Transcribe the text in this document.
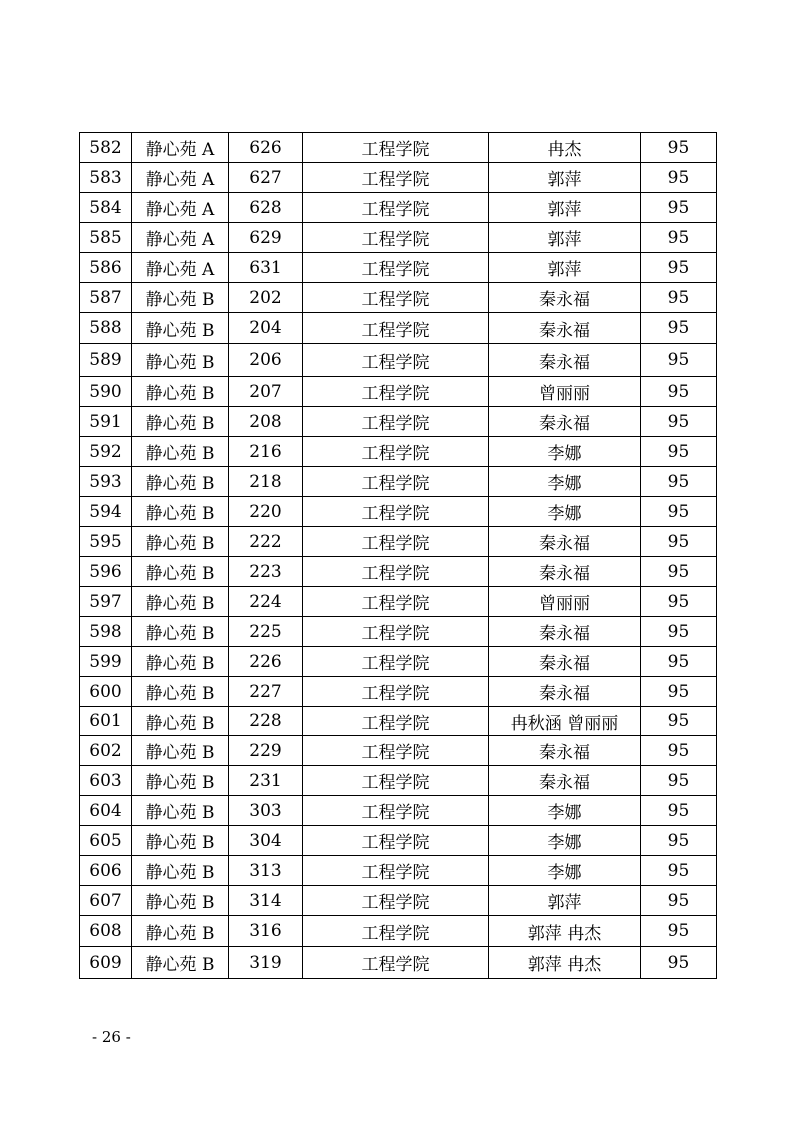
582	静心苑 A	626	工程学院	冉杰	95
583	静心苑 A	627	工程学院	郭萍	95
584	静心苑 A	628	工程学院	郭萍	95
585	静心苑 A	629	工程学院	郭萍	95
586	静心苑 A	631	工程学院	郭萍	95
587	静心苑 B	202	工程学院	秦永福	95
588	静心苑 B	204	工程学院	秦永福	95
589	静心苑 B	206	工程学院	秦永福	95
590	静心苑 B	207	工程学院	曾丽丽	95
591	静心苑 B	208	工程学院	秦永福	95
592	静心苑 B	216	工程学院	李娜	95
593	静心苑 B	218	工程学院	李娜	95
594	静心苑 B	220	工程学院	李娜	95
595	静心苑 B	222	工程学院	秦永福	95
596	静心苑 B	223	工程学院	秦永福	95
597	静心苑 B	224	工程学院	曾丽丽	95
598	静心苑 B	225	工程学院	秦永福	95
599	静心苑 B	226	工程学院	秦永福	95
600	静心苑 B	227	工程学院	秦永福	95
601	静心苑 B	228	工程学院	冉秋涵 曾丽丽	95
602	静心苑 B	229	工程学院	秦永福	95
603	静心苑 B	231	工程学院	秦永福	95
604	静心苑 B	303	工程学院	李娜	95
605	静心苑 B	304	工程学院	李娜	95
606	静心苑 B	313	工程学院	李娜	95
607	静心苑 B	314	工程学院	郭萍	95
608	静心苑 B	316	工程学院	郭萍 冉杰	95
609	静心苑 B	319	工程学院	郭萍 冉杰	95
- 26 -
